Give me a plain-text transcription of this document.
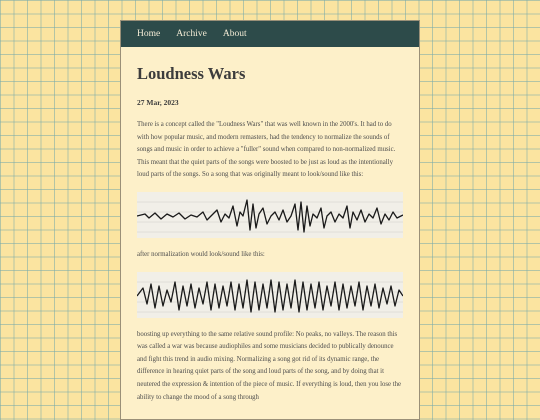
Home Archive About
Loudness Wars
27 Mar, 2023

There is a concept called the "Loudness Wars" that was well known in the 2000's. It had to do with how popular music, and modern remasters, had the tendency to normalize the sounds of songs and music in order to achieve a "fuller" sound when compared to non-normalized music. This meant that the quiet parts of the songs were boosted to be just as loud as the intentionally loud parts of the songs. So a song that was originally meant to look/sound like this:

after normalization would look/sound like this:

boosting up everything to the same relative sound profile: No peaks, no valleys. The reason this was called a war was because audiophiles and some musicians decided to publically denounce and fight this trend in audio mixing. Normalizing a song got rid of its dynamic range, the difference in hearing quiet parts of the song and loud parts of the song, and by doing that it neutered the expression & intention of the piece of music. If everything is loud, then you lose the ability to change the mood of a song through
